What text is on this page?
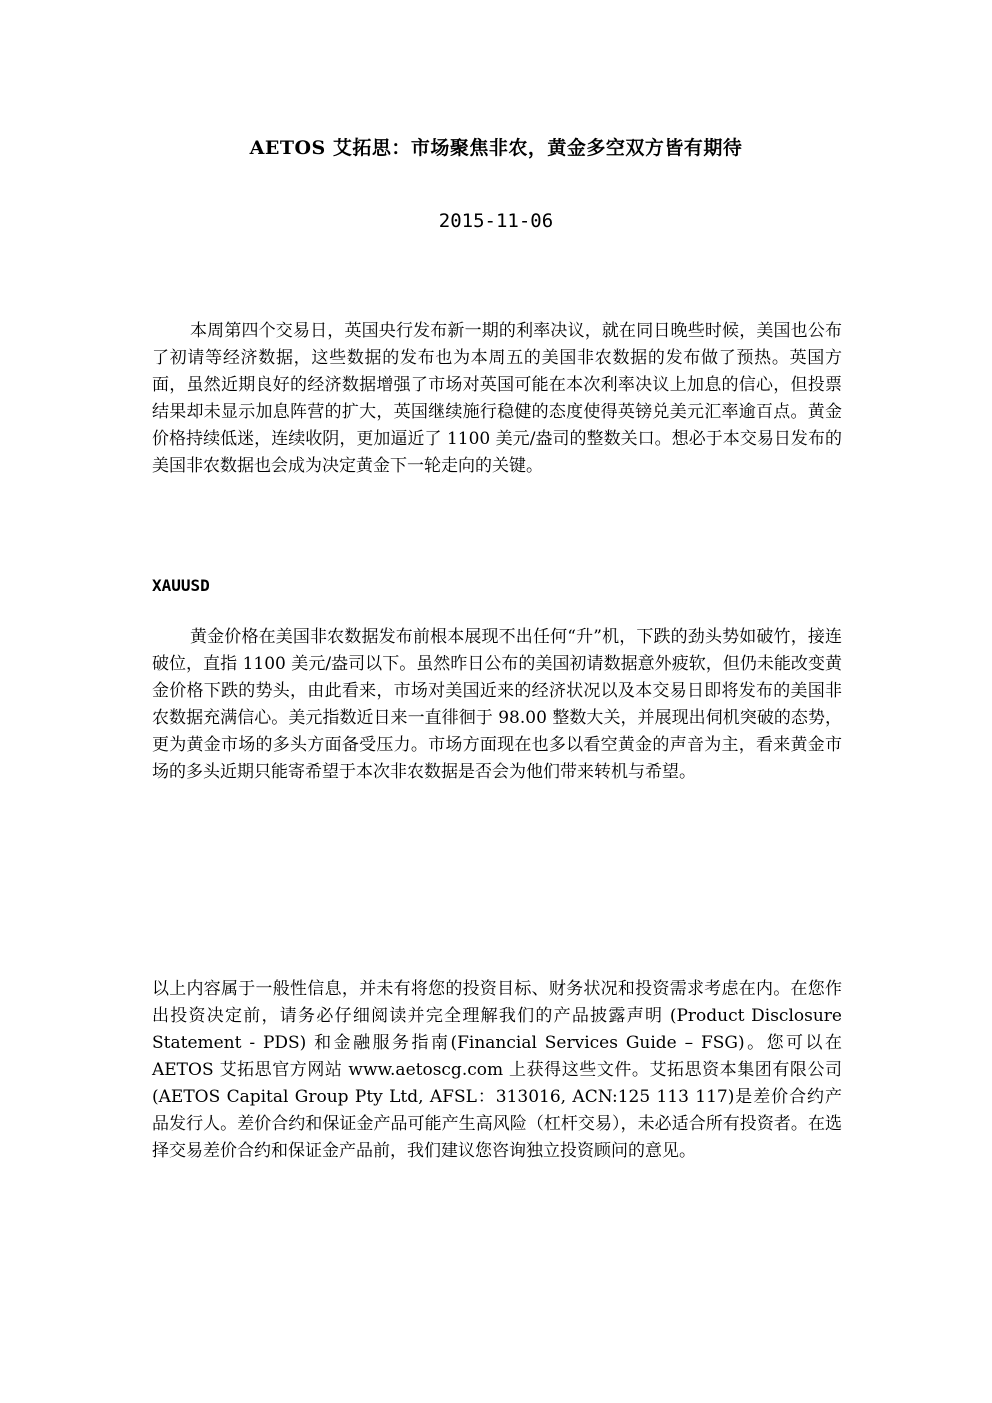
AETOS 艾拓思：市场聚焦非农，黄金多空双方皆有期待
2015-11-06

本周第四个交易日，英国央行发布新一期的利率决议，就在同日晚些时候，美国也公布了初请等经济数据，这些数据的发布也为本周五的美国非农数据的发布做了预热。英国方面，虽然近期良好的经济数据增强了市场对英国可能在本次利率决议上加息的信心，但投票结果却未显示加息阵营的扩大，英国继续施行稳健的态度使得英镑兑美元汇率逾百点。黄金价格持续低迷，连续收阴，更加逼近了 1100 美元/盎司的整数关口。想必于本交易日发布的美国非农数据也会成为决定黄金下一轮走向的关键。

XAUUSD

黄金价格在美国非农数据发布前根本展现不出任何“升”机，下跌的劲头势如破竹，接连破位，直指 1100 美元/盎司以下。虽然昨日公布的美国初请数据意外疲软，但仍未能改变黄金价格下跌的势头，由此看来，市场对美国近来的经济状况以及本交易日即将发布的美国非农数据充满信心。美元指数近日来一直徘徊于 98.00 整数大关，并展现出伺机突破的态势，更为黄金市场的多头方面备受压力。市场方面现在也多以看空黄金的声音为主，看来黄金市场的多头近期只能寄希望于本次非农数据是否会为他们带来转机与希望。

以上内容属于一般性信息，并未有将您的投资目标、财务状况和投资需求考虑在内。在您作出投资决定前，请务必仔细阅读并完全理解我们的产品披露声明 (Product Disclosure Statement - PDS) 和金融服务指南(Financial Services Guide – FSG)。您可以在 AETOS 艾拓思官方网站 www.aetoscg.com 上获得这些文件。艾拓思资本集团有限公司(AETOS Capital Group Pty Ltd, AFSL：313016, ACN:125 113 117)是差价合约产品发行人。差价合约和保证金产品可能产生高风险（杠杆交易），未必适合所有投资者。在选择交易差价合约和保证金产品前，我们建议您咨询独立投资顾问的意见。
